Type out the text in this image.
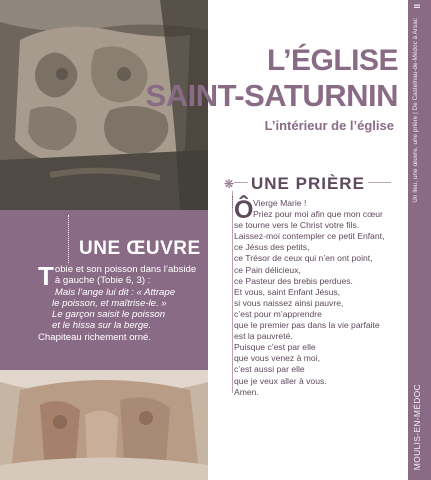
UNE ŒUVRE
T obie et son poisson dans l’abside
à gauche (Tobie 6, 3) :
Mais l’ange lui dit : « Attrape
le poisson, et maîtrise-le. »
Le garçon saisit le poisson
et le hissa sur la berge.
Chapiteau richement orné.
L’ÉGLISE
SAINT-SATURNIN
L’intérieur de l’église
❋ UNE PRIÈRE
Ô Vierge Marie !
Priez pour moi afin que mon cœur
se tourne vers le Christ votre fils.
Laissez-moi contempler ce petit Enfant,
ce Jésus des petits,
ce Trésor de ceux qui n’en ont point,
ce Pain délicieux,
ce Pasteur des brebis perdues.
Et vous, saint Enfant Jésus,
si vous naissez ainsi pauvre,
c’est pour m’apprendre
que le premier pas dans la vie parfaite
est la pauvreté.
Puisque c’est par elle
que vous venez à moi,
c’est aussi par elle
que je veux aller à vous.
Amen.
Un lieu, une œuvre, une prière | De Castelnau-de-Médoc à Arsac
II
MOULIS-EN-MÉDOC
